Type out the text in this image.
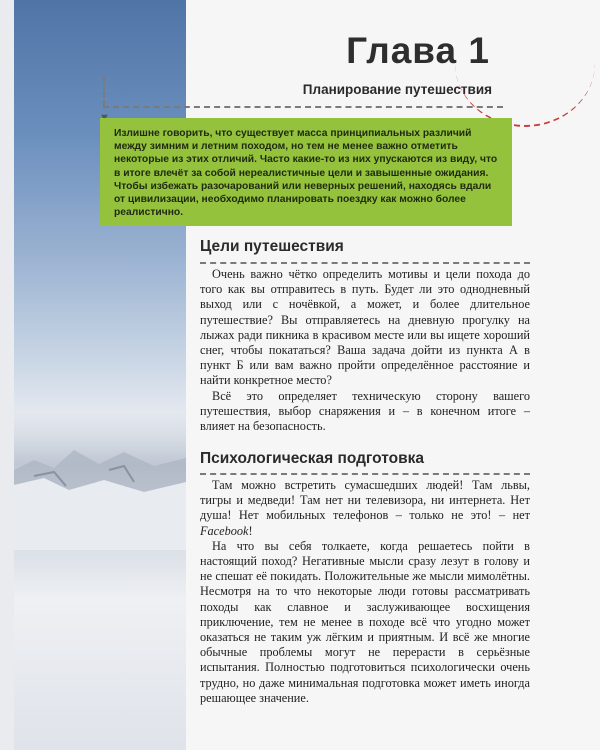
Глава 1
Планирование путешествия
Излишне говорить, что существует масса принципиальных различий между зимним и летним походом, но тем не менее важно отметить некоторые из этих отличий. Часто какие-то из них упускаются из виду, что в итоге влечёт за собой нереалистичные цели и завышенные ожидания. Чтобы избежать разочарований или неверных решений, находясь вдали от цивилизации, необходимо планировать поездку как можно более реалистично.
Цели путешествия

Очень важно чётко определить мотивы и цели похода до того как вы отправитесь в путь. Будет ли это однодневный выход или с ночёвкой, а может, и более длительное путешествие? Вы отправляетесь на дневную прогулку на лыжах ради пикника в красивом месте или вы ищете хороший снег, чтобы покататься? Ваша задача дойти из пункта А в пункт Б или вам важно пройти определённое расстояние и найти конкретное место?

Всё это определяет техническую сторону вашего путешествия, выбор снаряжения и – в конечном итоге – влияет на безопасность.

Психологическая подготовка

Там можно встретить сумасшедших людей! Там львы, тигры и медведи! Там нет ни телевизора, ни интернета. Нет душа! Нет мобильных телефонов – только не это! – нет Facebook!

На что вы себя толкаете, когда решаетесь пойти в настоящий поход? Негативные мысли сразу лезут в голову и не спешат её покидать. Положительные же мысли мимолётны. Несмотря на то что некоторые люди готовы рассматривать походы как славное и заслуживающее восхищения приключение, тем не менее в походе всё что угодно может оказаться не таким уж лёгким и приятным. И всё же многие обычные проблемы могут не перерасти в серьёзные испытания. Полностью подготовиться психологически очень трудно, но даже минимальная подготовка может иметь иногда решающее значение.
